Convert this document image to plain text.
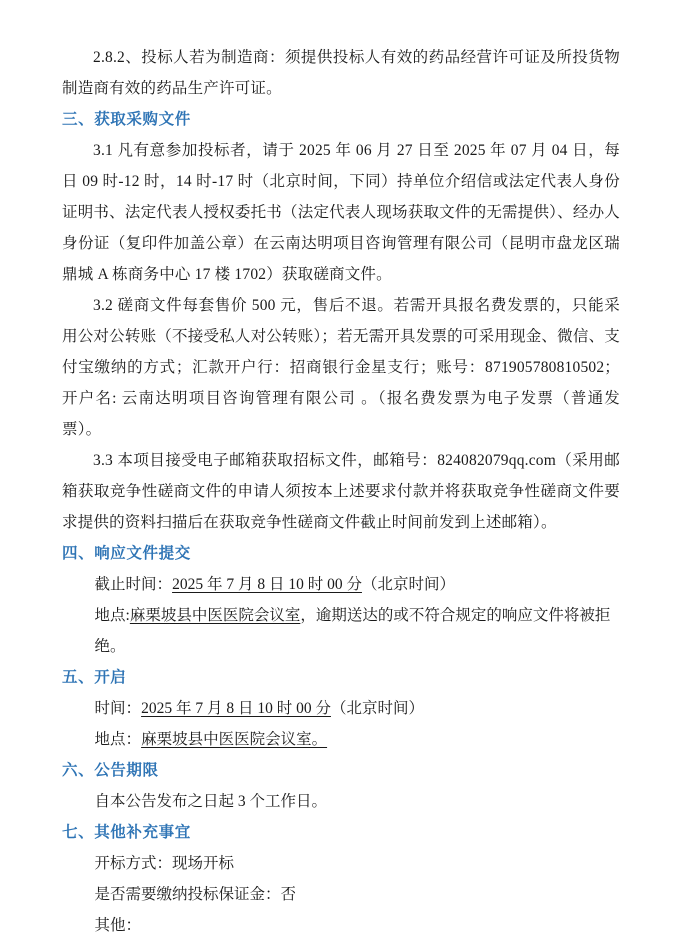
2.8.2、投标人若为制造商：须提供投标人有效的药品经营许可证及所投货物制造商有效的药品生产许可证。

三、获取采购文件

3.1 凡有意参加投标者，请于 2025 年 06 月 27 日至 2025 年 07 月 04 日，每日 09 时-12 时，14 时-17 时（北京时间，下同）持单位介绍信或法定代表人身份证明书、法定代表人授权委托书（法定代表人现场获取文件的无需提供）、经办人身份证（复印件加盖公章）在云南达明项目咨询管理有限公司（昆明市盘龙区瑞鼎城 A 栋商务中心 17 楼 1702）获取磋商文件。

3.2 磋商文件每套售价 500 元，售后不退。若需开具报名费发票的，只能采用公对公转账（不接受私人对公转账）；若无需开具发票的可采用现金、微信、支付宝缴纳的方式；汇款开户行：招商银行金星支行；账号：871905780810502；开户名: 云南达明项目咨询管理有限公司 。（报名费发票为电子发票（普通发票）。

3.3 本项目接受电子邮箱获取招标文件，邮箱号：824082079qq.com（采用邮箱获取竞争性磋商文件的申请人须按本上述要求付款并将获取竞争性磋商文件要求提供的资料扫描后在获取竞争性磋商文件截止时间前发到上述邮箱）。

四、响应文件提交

截止时间：2025 年 7 月 8 日 10 时 00 分（北京时间）

地点:麻栗坡县中医医院会议室，逾期送达的或不符合规定的响应文件将被拒绝。

五、开启

时间：2025 年 7 月 8 日 10 时 00 分（北京时间）

地点：麻栗坡县中医医院会议室。

六、公告期限

自本公告发布之日起 3 个工作日。

七、其他补充事宜

开标方式：现场开标

是否需要缴纳投标保证金：否

其他：
